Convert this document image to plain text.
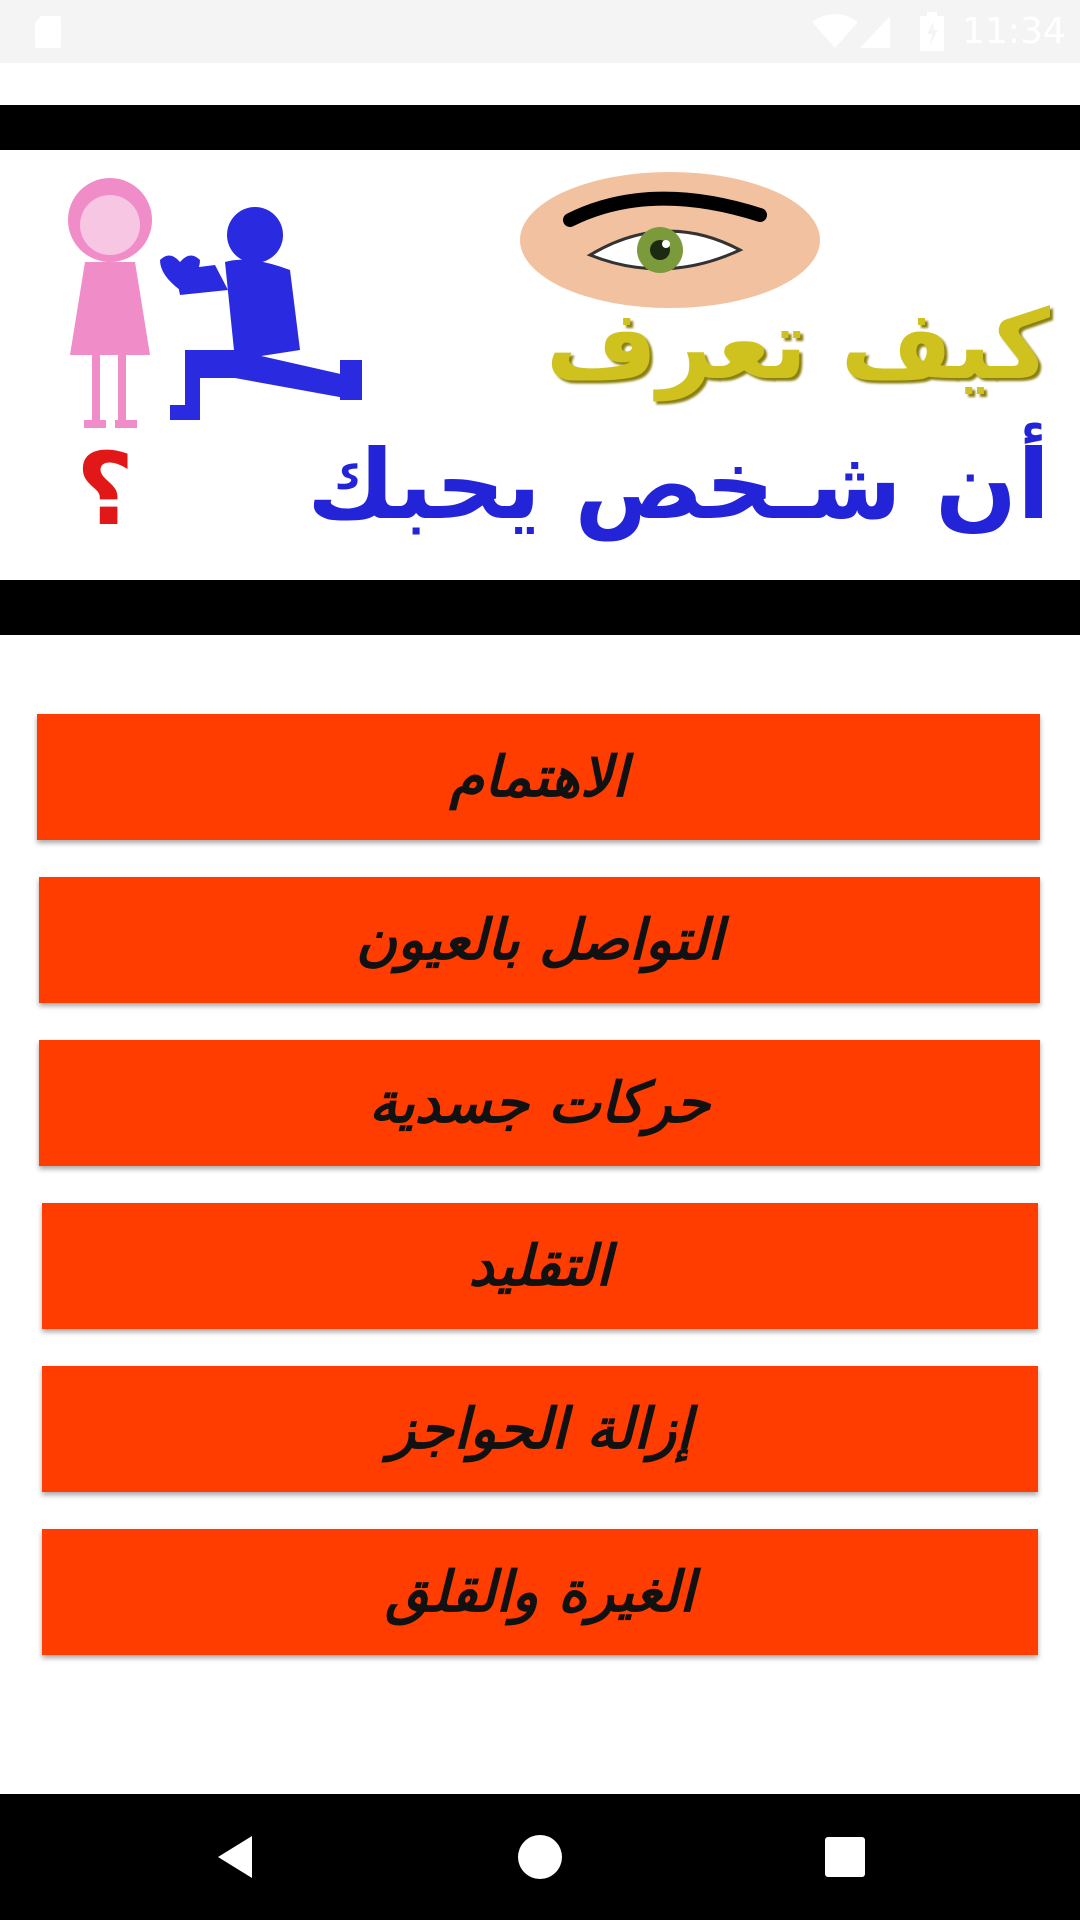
11:34
كيف تعرف
أن شـخص يحبك
؟
الاهتمام
التواصل بالعيون
حركات جسدية
التقليد
إزالة الحواجز
الغيرة والقلق
